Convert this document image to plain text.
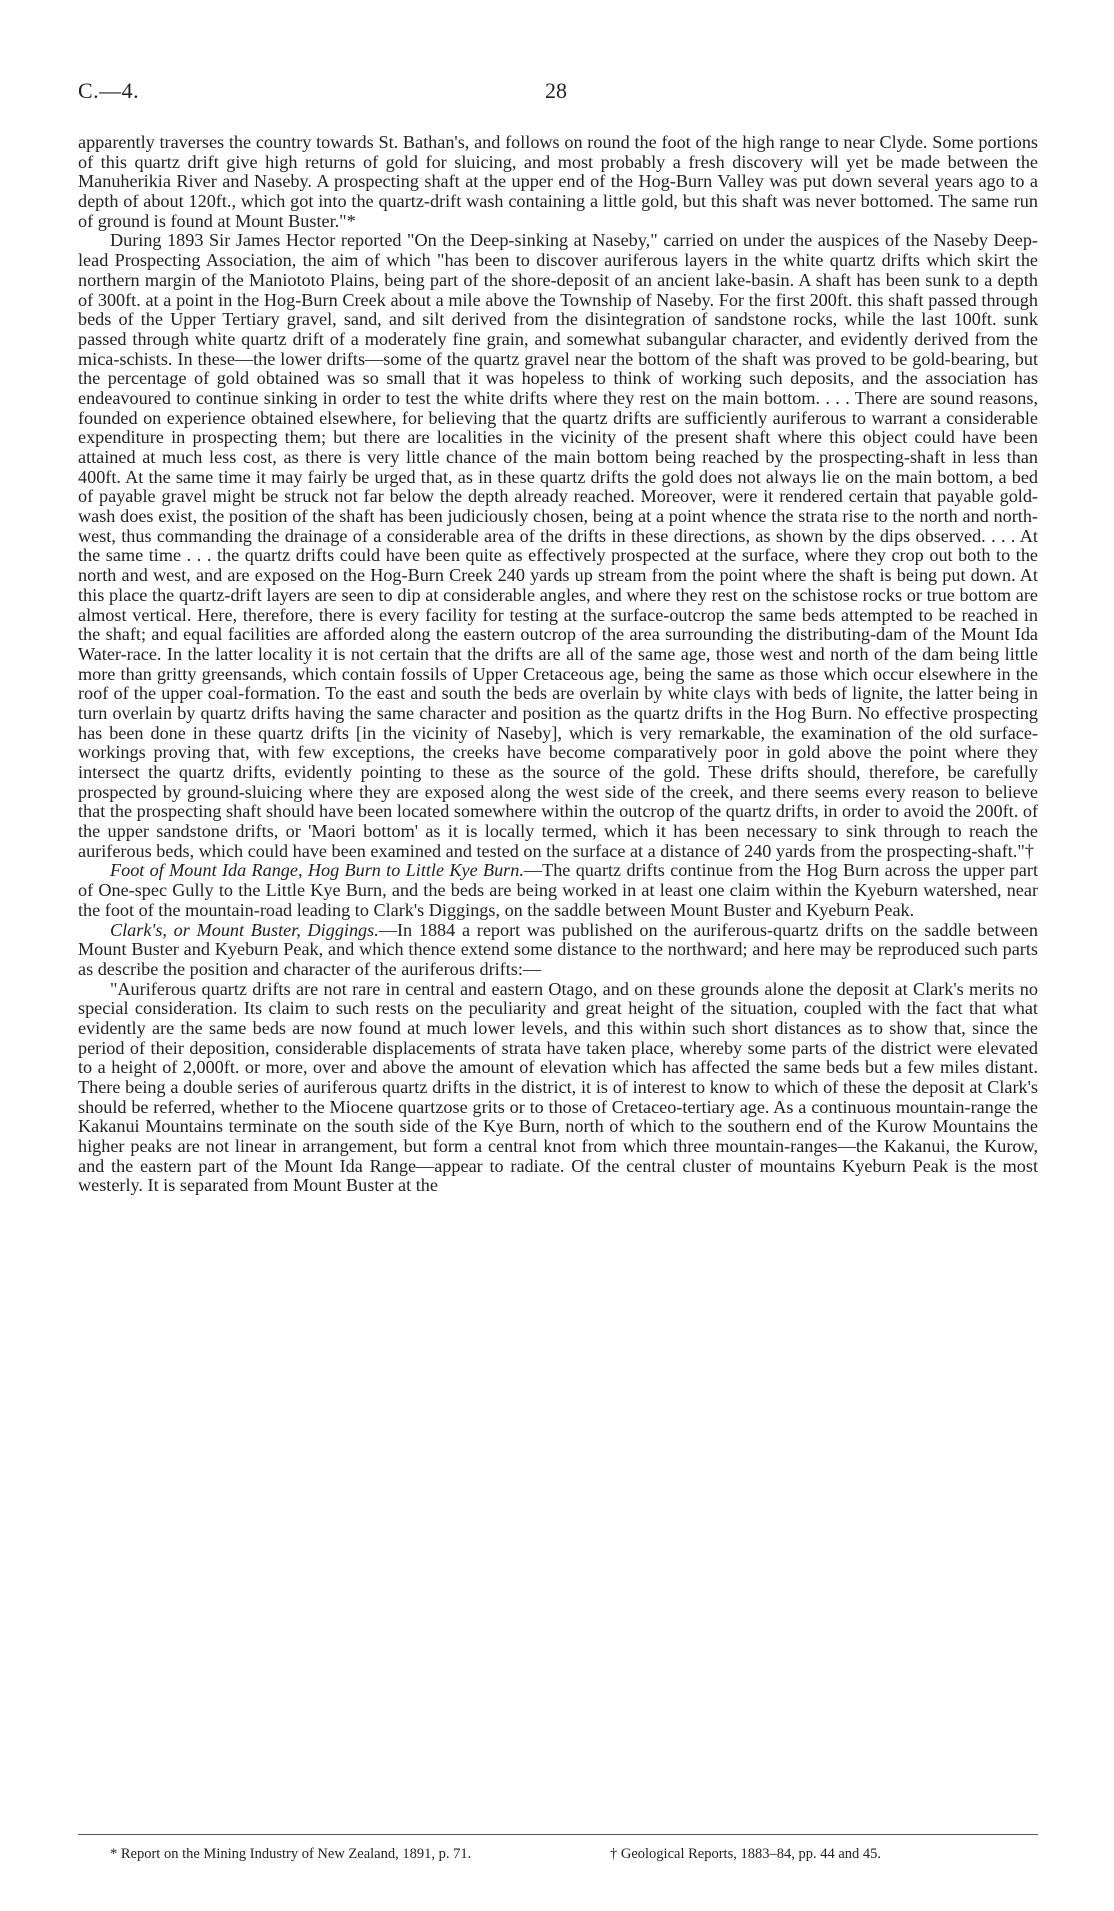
C.—4.	28

apparently traverses the country towards St. Bathan's, and follows on round the foot of the high range to near Clyde. Some portions of this quartz drift give high returns of gold for sluicing, and most probably a fresh discovery will yet be made between the Manuherikia River and Naseby. A prospecting shaft at the upper end of the Hog-Burn Valley was put down several years ago to a depth of about 120ft., which got into the quartz-drift wash containing a little gold, but this shaft was never bottomed. The same run of ground is found at Mount Buster."*

During 1893 Sir James Hector reported "On the Deep-sinking at Naseby," carried on under the auspices of the Naseby Deep-lead Prospecting Association, the aim of which "has been to discover auriferous layers in the white quartz drifts which skirt the northern margin of the Maniototo Plains, being part of the shore-deposit of an ancient lake-basin. A shaft has been sunk to a depth of 300ft. at a point in the Hog-Burn Creek about a mile above the Township of Naseby. For the first 200ft. this shaft passed through beds of the Upper Tertiary gravel, sand, and silt derived from the disintegration of sandstone rocks, while the last 100ft. sunk passed through white quartz drift of a moderately fine grain, and somewhat subangular character, and evidently derived from the mica-schists. In these—the lower drifts—some of the quartz gravel near the bottom of the shaft was proved to be gold-bearing, but the percentage of gold obtained was so small that it was hopeless to think of working such deposits, and the association has endeavoured to continue sinking in order to test the white drifts where they rest on the main bottom. . . . There are sound reasons, founded on experience obtained elsewhere, for believing that the quartz drifts are sufficiently auriferous to warrant a considerable expenditure in prospecting them; but there are localities in the vicinity of the present shaft where this object could have been attained at much less cost, as there is very little chance of the main bottom being reached by the prospecting-shaft in less than 400ft. At the same time it may fairly be urged that, as in these quartz drifts the gold does not always lie on the main bottom, a bed of payable gravel might be struck not far below the depth already reached. Moreover, were it rendered certain that payable gold-wash does exist, the position of the shaft has been judiciously chosen, being at a point whence the strata rise to the north and north-west, thus commanding the drainage of a considerable area of the drifts in these directions, as shown by the dips observed. . . . At the same time . . . the quartz drifts could have been quite as effectively prospected at the surface, where they crop out both to the north and west, and are exposed on the Hog-Burn Creek 240 yards up stream from the point where the shaft is being put down. At this place the quartz-drift layers are seen to dip at considerable angles, and where they rest on the schistose rocks or true bottom are almost vertical. Here, therefore, there is every facility for testing at the surface-outcrop the same beds attempted to be reached in the shaft; and equal facilities are afforded along the eastern outcrop of the area surrounding the distributing-dam of the Mount Ida Water-race. In the latter locality it is not certain that the drifts are all of the same age, those west and north of the dam being little more than gritty greensands, which contain fossils of Upper Cretaceous age, being the same as those which occur elsewhere in the roof of the upper coal-formation. To the east and south the beds are overlain by white clays with beds of lignite, the latter being in turn overlain by quartz drifts having the same character and position as the quartz drifts in the Hog Burn. No effective prospecting has been done in these quartz drifts [in the vicinity of Naseby], which is very remarkable, the examination of the old surface-workings proving that, with few exceptions, the creeks have become comparatively poor in gold above the point where they intersect the quartz drifts, evidently pointing to these as the source of the gold. These drifts should, therefore, be carefully prospected by ground-sluicing where they are exposed along the west side of the creek, and there seems every reason to believe that the prospecting shaft should have been located somewhere within the outcrop of the quartz drifts, in order to avoid the 200ft. of the upper sandstone drifts, or 'Maori bottom' as it is locally termed, which it has been necessary to sink through to reach the auriferous beds, which could have been examined and tested on the surface at a distance of 240 yards from the prospecting-shaft."†

Foot of Mount Ida Range, Hog Burn to Little Kye Burn.—The quartz drifts continue from the Hog Burn across the upper part of One-spec Gully to the Little Kye Burn, and the beds are being worked in at least one claim within the Kyeburn watershed, near the foot of the mountain-road leading to Clark's Diggings, on the saddle between Mount Buster and Kyeburn Peak.

Clark's, or Mount Buster, Diggings.—In 1884 a report was published on the auriferous-quartz drifts on the saddle between Mount Buster and Kyeburn Peak, and which thence extend some distance to the northward; and here may be reproduced such parts as describe the position and character of the auriferous drifts:—

"Auriferous quartz drifts are not rare in central and eastern Otago, and on these grounds alone the deposit at Clark's merits no special consideration. Its claim to such rests on the peculiarity and great height of the situation, coupled with the fact that what evidently are the same beds are now found at much lower levels, and this within such short distances as to show that, since the period of their deposition, considerable displacements of strata have taken place, whereby some parts of the district were elevated to a height of 2,000ft. or more, over and above the amount of elevation which has affected the same beds but a few miles distant. There being a double series of auriferous quartz drifts in the district, it is of interest to know to which of these the deposit at Clark's should be referred, whether to the Miocene quartzose grits or to those of Cretaceo-tertiary age. As a continuous mountain-range the Kakanui Mountains terminate on the south side of the Kye Burn, north of which to the southern end of the Kurow Mountains the higher peaks are not linear in arrangement, but form a central knot from which three mountain-ranges—the Kakanui, the Kurow, and the eastern part of the Mount Ida Range—appear to radiate. Of the central cluster of mountains Kyeburn Peak is the most westerly. It is separated from Mount Buster at the

* Report on the Mining Industry of New Zealand, 1891, p. 71.	† Geological Reports, 1883–84, pp. 44 and 45.
